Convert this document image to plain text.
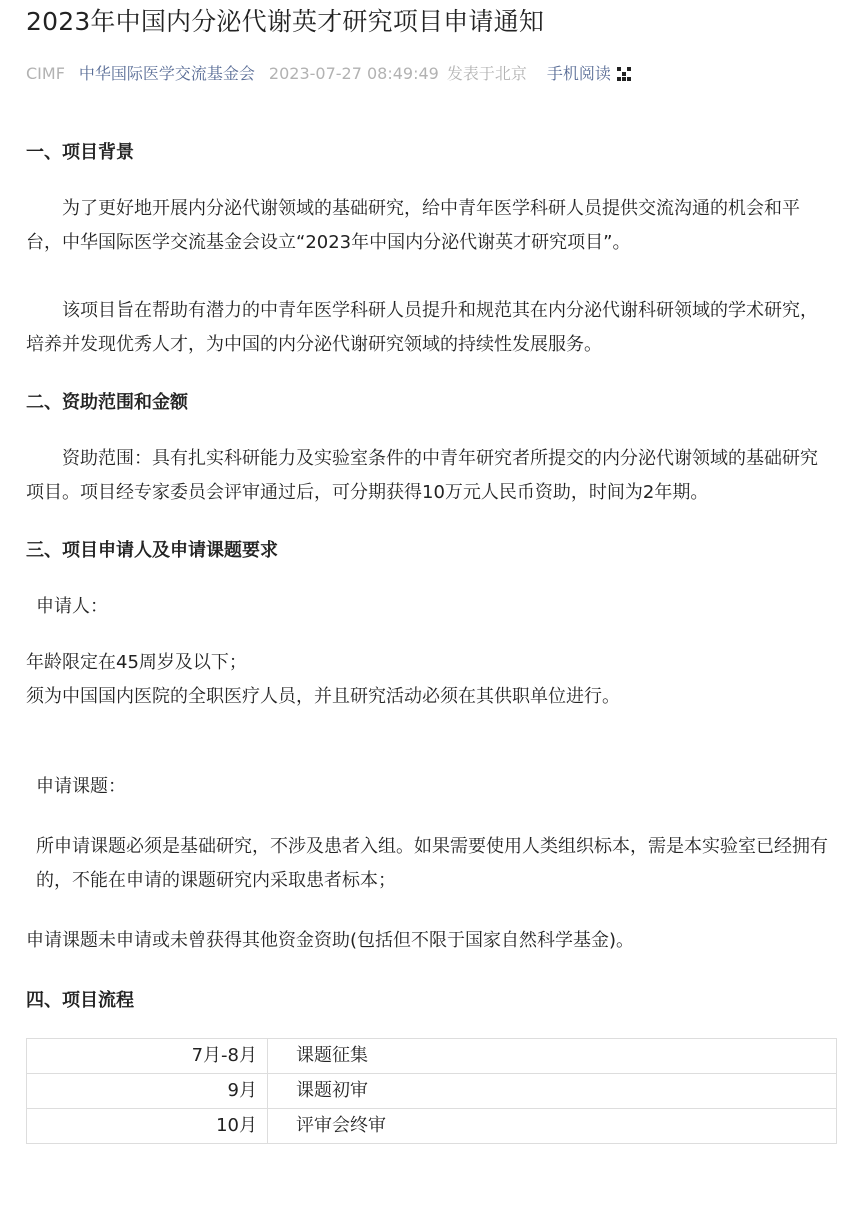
2023年中国内分泌代谢英才研究项目申请通知
CIMF 中华国际医学交流基金会 2023-07-27 08:49:49 发表于北京 手机阅读

一、项目背景

为了更好地开展内分泌代谢领域的基础研究，给中青年医学科研人员提供交流沟通的机会和平台，中华国际医学交流基金会设立“2023年中国内分泌代谢英才研究项目”。

该项目旨在帮助有潜力的中青年医学科研人员提升和规范其在内分泌代谢科研领域的学术研究，培养并发现优秀人才，为中国的内分泌代谢研究领域的持续性发展服务。

二、资助范围和金额

资助范围：具有扎实科研能力及实验室条件的中青年研究者所提交的内分泌代谢领域的基础研究项目。项目经专家委员会评审通过后，可分期获得10万元人民币资助，时间为2年期。

三、项目申请人及申请课题要求

申请人：

年龄限定在45周岁及以下；

须为中国国内医院的全职医疗人员，并且研究活动必须在其供职单位进行。

申请课题：

所申请课题必须是基础研究，不涉及患者入组。如果需要使用人类组织标本，需是本实验室已经拥有的，不能在申请的课题研究内采取患者标本；

申请课题未申请或未曾获得其他资金资助(包括但不限于国家自然科学基金)。

四、项目流程

7月-8月	课题征集
9月	课题初审
10月	评审会终审
